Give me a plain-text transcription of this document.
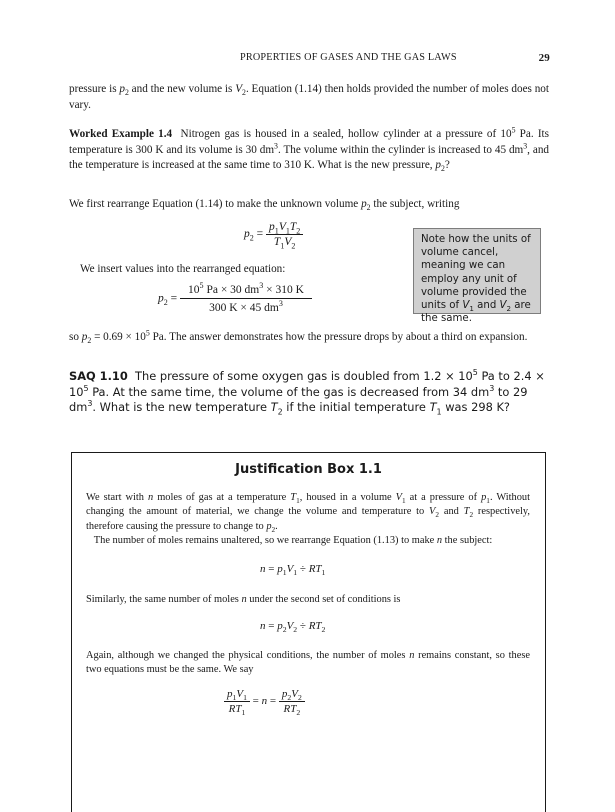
PROPERTIES OF GASES AND THE GAS LAWS	29
pressure is $p_2$ and the new volume is $V_2$. Equation (1.14) then holds provided the number of moles does not vary.
Worked Example 1.4 Nitrogen gas is housed in a sealed, hollow cylinder at a pressure of $10^5$ Pa. Its temperature is 300 K and its volume is 30 $dm^3$. The volume within the cylinder is increased to 45 $dm^3$, and the temperature is increased at the same time to 310 K. What is the new pressure, $p_2$?
We first rearrange Equation (1.14) to make the unknown volume $p_2$ the subject, writing
$p_2 = \frac{p_1V_1T_2}{T_1V_2}$
We insert values into the rearranged equation:
$p_2 = \frac{10^5 Pa \times 30 dm^3 \times 310 K}{300 K \times 45 dm^3}$
Note how the units of volume cancel, meaning we can employ any unit of volume provided the units of $V_1$ and $V_2$ are the same.
so $p_2 = 0.69 \times 10^5$ Pa. The answer demonstrates how the pressure drops by about a third on expansion.
SAQ 1.10 The pressure of some oxygen gas is doubled from $1.2 \times 10^5$ Pa to $2.4 \times 10^5$ Pa. At the same time, the volume of the gas is decreased from 34 $dm^3$ to 29 $dm^3$. What is the new temperature $T_2$ if the initial temperature $T_1$ was 298 K?
Justification Box 1.1
We start with n moles of gas at a temperature $T_1$, housed in a volume $V_1$ at a pressure of $p_1$. Without changing the amount of material, we change the volume and temperature to $V_2$ and $T_2$ respectively, therefore causing the pressure to change to $p_2$.
The number of moles remains unaltered, so we rearrange Equation (1.13) to make n the subject:
$n = p_1V_1 \div RT_1$
Similarly, the same number of moles n under the second set of conditions is
$n = p_2V_2 \div RT_2$
Again, although we changed the physical conditions, the number of moles n remains constant, so these two equations must be the same. We say
$\frac{p_1V_1}{RT_1} = n = \frac{p_2V_2}{RT_2}$
